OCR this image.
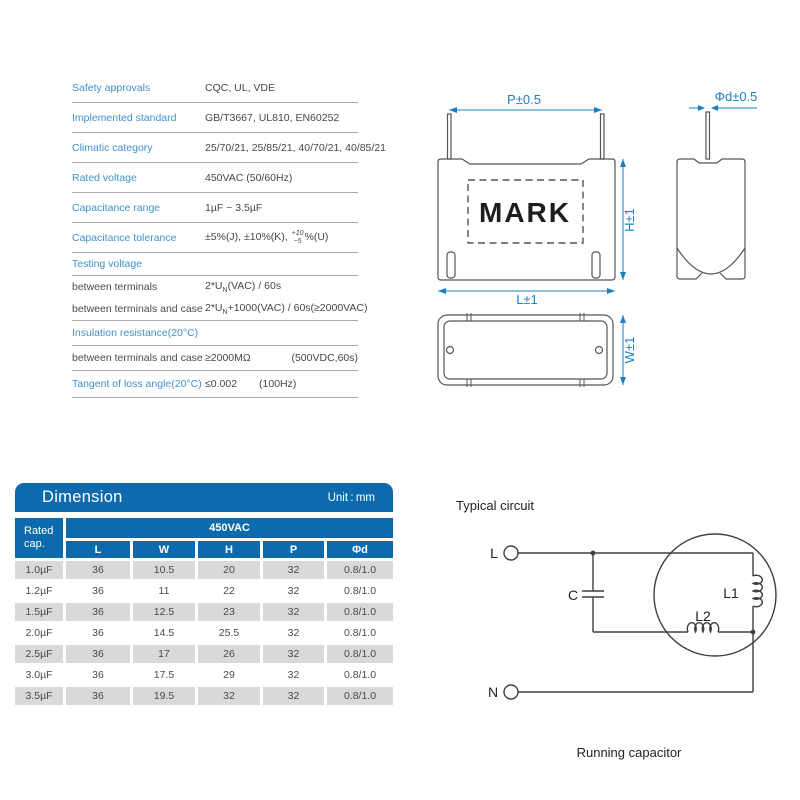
Safety approvals	CQC, UL, VDE
Implemented standard	GB/T3667, UL810, EN60252
Climatic category	25/70/21, 25/85/21, 40/70/21, 40/85/21
Rated voltage	450VAC (50/60Hz)
Capacitance range	1µF ~ 3.5µF
Capacitance tolerance	±5%(J), ±10%(K), +10
−5 %(U)
Testing voltage
between terminals	$2*U_N(VAC) / 60s$
between terminals and case $2*U_N+1000(VAC) / 60s(\ge 2000VAC)$
Insulation resistance(20°C)
between terminals and case ≥2000MΩ	(500VDC,60s)
Tangent of loss angle(20°C) ≤0.002 (100Hz)
Dimension	Unit : mm
Rated
cap.
450VAC
L	W	H	P	Φd
1.0µF	36	10.5	20	32	0.8/1.0
1.2µF	36	11	22	32	0.8/1.0
1.5µF	36	12.5	23	32	0.8/1.0
2.0µF	36	14.5	25.5	32	0.8/1.0
2.5µF	36	17	26	32	0.8/1.0
3.0µF	36	17.5	29	32	0.8/1.0
3.5µF	36	19.5	32	32	0.8/1.0
MARK
P±0.5
H±1
L±1
Φd±0.5
W±1
Typical circuit
L
C
L2
L1
N
Running capacitor
